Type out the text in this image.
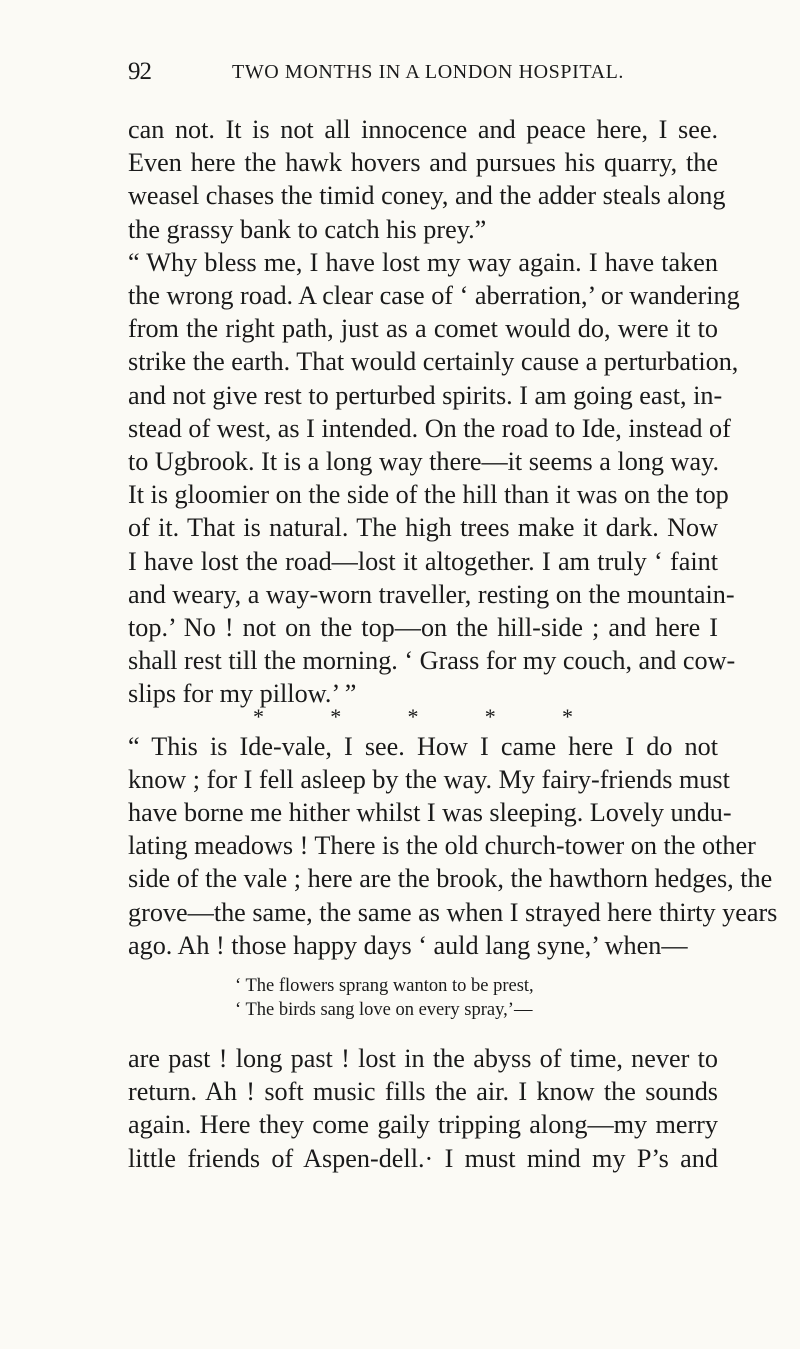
92	TWO MONTHS IN A LONDON HOSPITAL.
can not. It is not all innocence and peace here, I see.
Even here the hawk hovers and pursues his quarry, the
weasel chases the timid coney, and the adder steals along
the grassy bank to catch his prey.”
“ Why bless me, I have lost my way again. I have taken
the wrong road. A clear case of ‘ aberration,’ or wandering
from the right path, just as a comet would do, were it to
strike the earth. That would certainly cause a perturbation,
and not give rest to perturbed spirits. I am going east, in-
stead of west, as I intended. On the road to Ide, instead of
to Ugbrook. It is a long way there—it seems a long way.
It is gloomier on the side of the hill than it was on the top
of it. That is natural. The high trees make it dark. Now
I have lost the road—lost it altogether. I am truly ‘ faint
and weary, a way-worn traveller, resting on the mountain-
top.’ No ! not on the top—on the hill-side ; and here I
shall rest till the morning. ‘ Grass for my couch, and cow-
slips for my pillow.’ ”
*	*	*	*	*
“ This is Ide-vale, I see. How I came here I do not
know ; for I fell asleep by the way. My fairy-friends must
have borne me hither whilst I was sleeping. Lovely undu-
lating meadows ! There is the old church-tower on the other
side of the vale ; here are the brook, the hawthorn hedges, the
grove—the same, the same as when I strayed here thirty years
ago. Ah ! those happy days ‘ auld lang syne,’ when—
‘ The flowers sprang wanton to be prest,
‘ The birds sang love on every spray,’—
are past ! long past ! lost in the abyss of time, never to
return. Ah ! soft music fills the air. I know the sounds
again. Here they come gaily tripping along—my merry
little friends of Aspen-dell.· I must mind my P’s and
